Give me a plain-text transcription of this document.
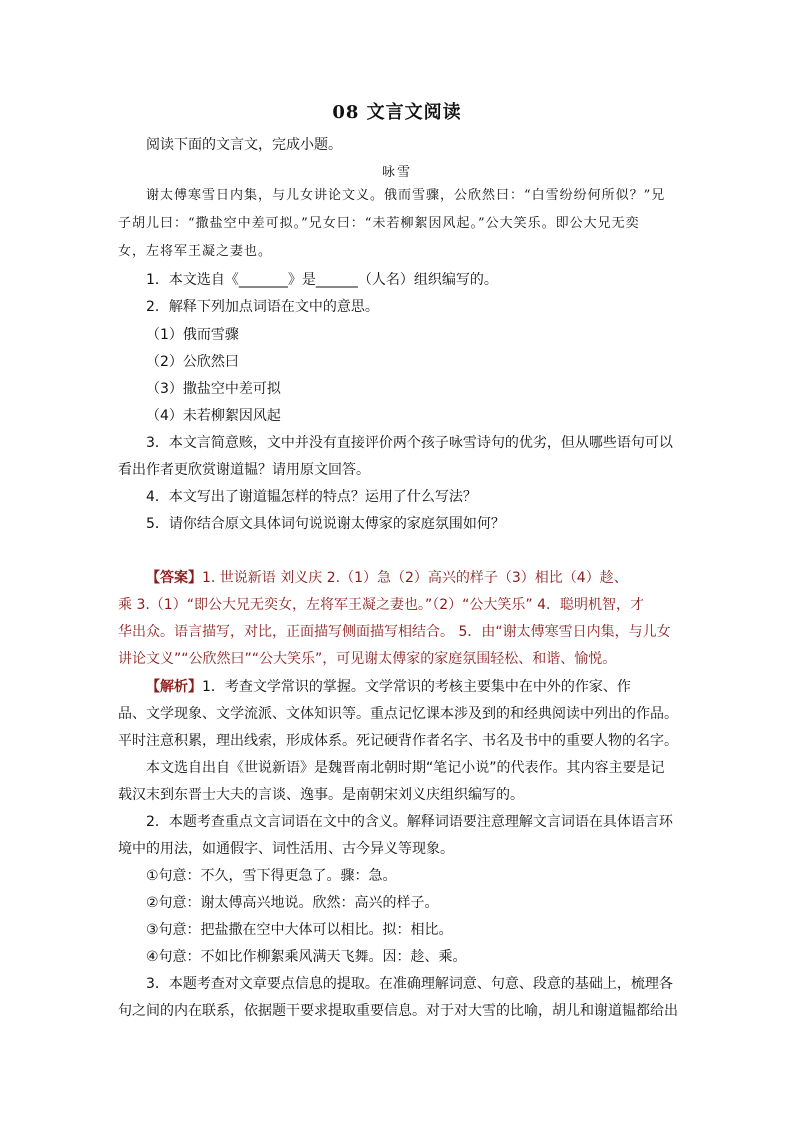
08 文言文阅读
阅读下面的文言文，完成小题。
咏雪
谢太傅寒雪日内集，与儿女讲论文义。俄而雪骤，公欣然曰：“白雪纷纷何所似？”兄
子胡儿曰：“撒盐空中差可拟。”兄女曰：“未若柳絮因风起。”公大笑乐。即公大兄无奕
女，左将军王凝之妻也。
1．本文选自《_______》是______（人名）组织编写的。
2．解释下列加点词语在文中的意思。
（1）俄而雪骤
（2）公欣然曰
（3）撒盐空中差可拟
（4）未若柳絮因风起
3．本文言简意赅，文中并没有直接评价两个孩子咏雪诗句的优劣，但从哪些语句可以
看出作者更欣赏谢道韫？请用原文回答。
4．本文写出了谢道韫怎样的特点？运用了什么写法？
5．请你结合原文具体词句说说谢太傅家的家庭氛围如何？
【答案】1. 世说新语 刘义庆 2.（1）急（2）高兴的样子（3）相比（4）趁、
乘 3.（1）“即公大兄无奕女，左将军王凝之妻也。”（2）“公大笑乐” 4．聪明机智，才
华出众。语言描写，对比，正面描写侧面描写相结合。 5．由“谢太傅寒雪日内集，与儿女
讲论文义”“公欣然曰”“公大笑乐”，可见谢太傅家的家庭氛围轻松、和谐、愉悦。
【解析】1．考查文学常识的掌握。文学常识的考核主要集中在中外的作家、作
品、文学现象、文学流派、文体知识等。重点记忆课本涉及到的和经典阅读中列出的作品。
平时注意积累，理出线索，形成体系。死记硬背作者名字、书名及书中的重要人物的名字。
本文选自出自《世说新语》是魏晋南北朝时期“笔记小说”的代表作。其内容主要是记
载汉末到东晋士大夫的言谈、逸事。是南朝宋刘义庆组织编写的。
2．本题考查重点文言词语在文中的含义。解释词语要注意理解文言词语在具体语言环
境中的用法，如通假字、词性活用、古今异义等现象。
①句意：不久，雪下得更急了。骤：急。
②句意：谢太傅高兴地说。欣然：高兴的样子。
③句意：把盐撒在空中大体可以相比。拟：相比。
④句意：不如比作柳絮乘风满天飞舞。因：趁、乘。
3．本题考查对文章要点信息的提取。在准确理解词意、句意、段意的基础上，梳理各
句之间的内在联系，依据题干要求提取重要信息。对于对大雪的比喻，胡儿和谢道韫都给出
